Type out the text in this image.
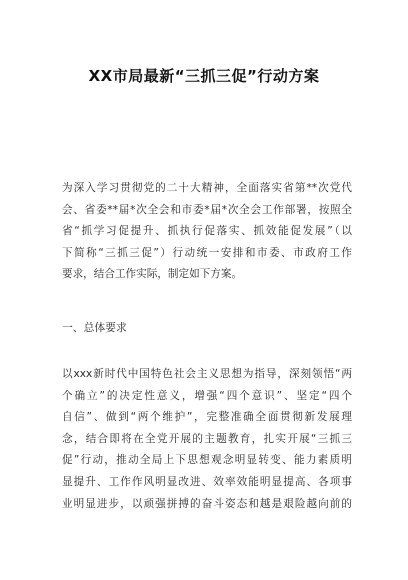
XX市局最新“三抓三促”行动方案
为深入学习贯彻党的二十大精神，全面落实省第**次党代
会、省委**届*次全会和市委*届*次全会工作部署，按照全
省“抓学习促提升、抓执行促落实、抓效能促发展”（以
下简称“三抓三促”）行动统一安排和市委、市政府工作
要求，结合工作实际，制定如下方案。
一、总体要求
以xxx新时代中国特色社会主义思想为指导，深刻领悟“两
个确立”的决定性意义，增强“四个意识”、坚定“四个
自信”、做到“两个维护”，完整准确全面贯彻新发展理
念，结合即将在全党开展的主题教育，扎实开展“三抓三
促”行动，推动全局上下思想观念明显转变、能力素质明
显提升、工作作风明显改进、效率效能明显提高、各项事
业明显进步，以顽强拼搏的奋斗姿态和越是艰险越向前的
